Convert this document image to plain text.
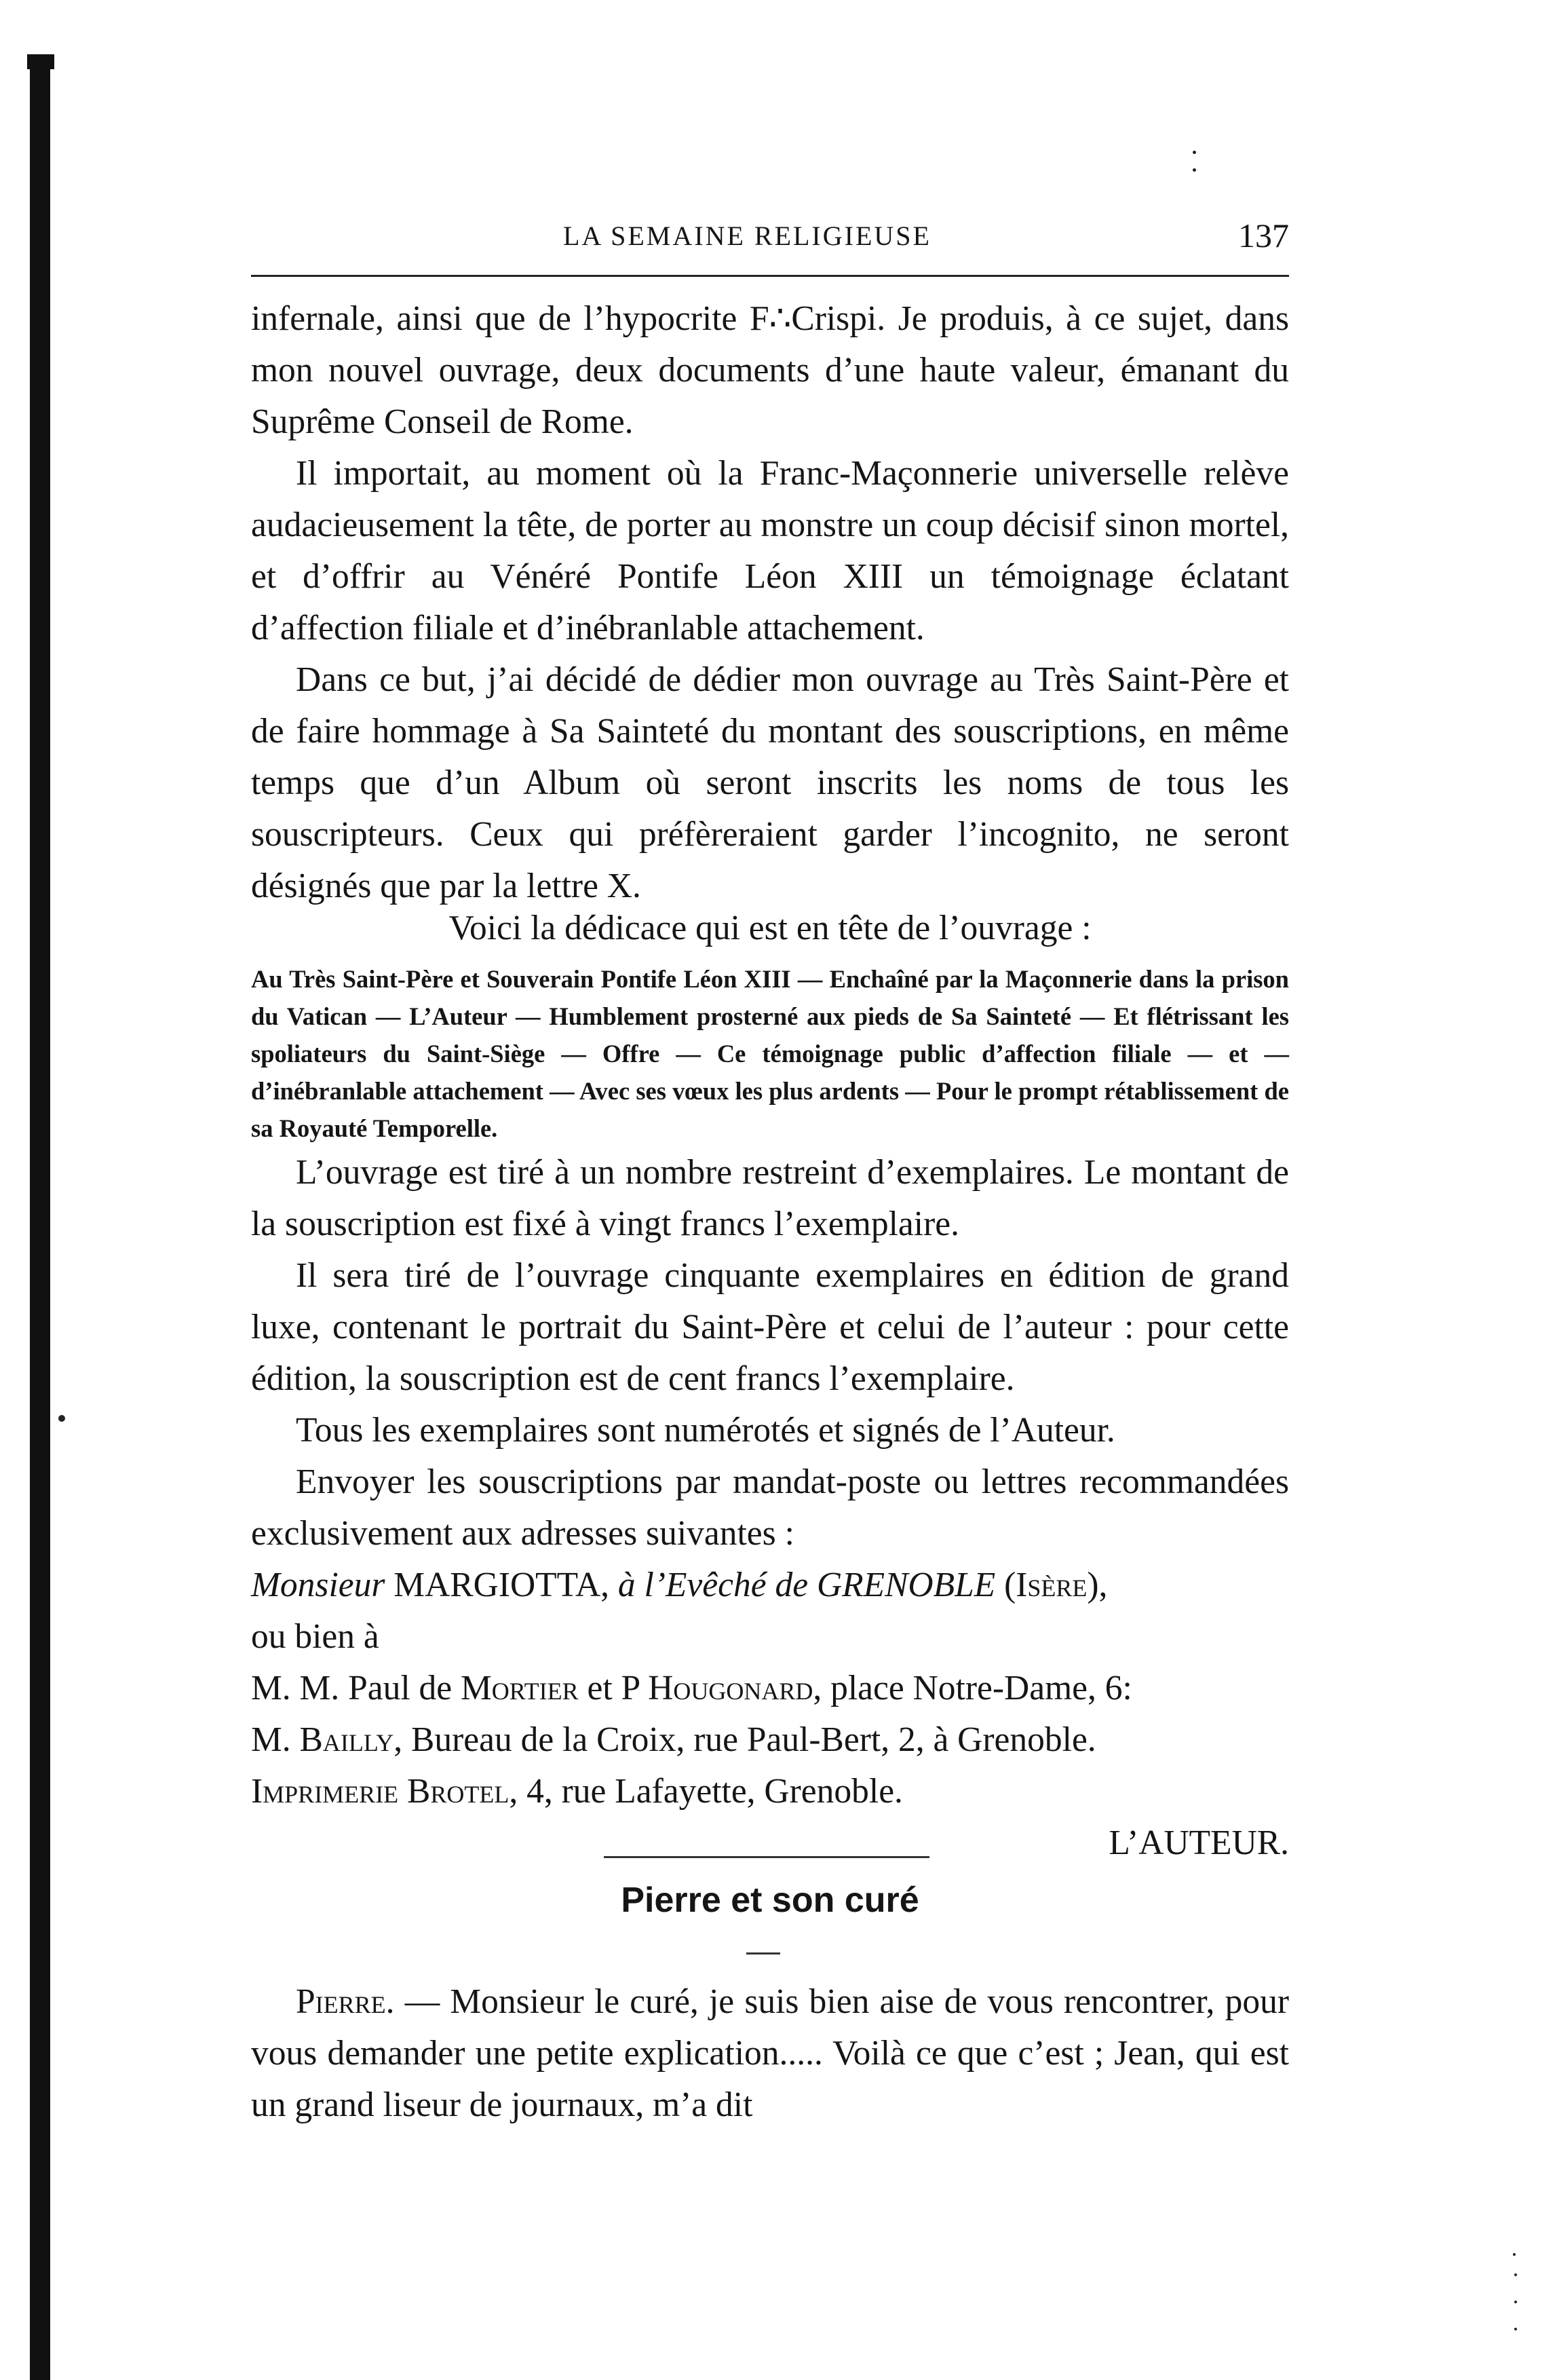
LA SEMAINE RELIGIEUSE	137

infernale, ainsi que de l’hypocrite F∴Crispi. Je produis, à ce sujet, dans mon nouvel ouvrage, deux documents d’une haute valeur, émanant du Suprême Conseil de Rome.

Il importait, au moment où la Franc-Maçonnerie universelle relève audacieusement la tête, de porter au monstre un coup décisif sinon mortel, et d’offrir au Vénéré Pontife Léon XIII un témoignage éclatant d’affection filiale et d’inébranlable attachement.

Dans ce but, j’ai décidé de dédier mon ouvrage au Très Saint-Père et de faire hommage à Sa Sainteté du montant des souscriptions, en même temps que d’un Album où seront inscrits les noms de tous les souscripteurs. Ceux qui préfèreraient garder l’incognito, ne seront désignés que par la lettre X.

Voici la dédicace qui est en tête de l’ouvrage :
Au Très Saint-Père et Souverain Pontife Léon XIII — Enchaîné par la Maçonnerie dans la prison du Vatican — L’Auteur — Humblement prosterné aux pieds de Sa Sainteté — Et flétrissant les spoliateurs du Saint-Siège — Offre — Ce témoignage public d’affection filiale — et — d’inébranlable attachement — Avec ses vœux les plus ardents — Pour le prompt rétablissement de sa Royauté Temporelle.

L’ouvrage est tiré à un nombre restreint d’exemplaires. Le montant de la souscription est fixé à vingt francs l’exemplaire.

Il sera tiré de l’ouvrage cinquante exemplaires en édition de grand luxe, contenant le portrait du Saint-Père et celui de l’auteur : pour cette édition, la souscription est de cent francs l’exemplaire.

Tous les exemplaires sont numérotés et signés de l’Auteur.

Envoyer les souscriptions par mandat-poste ou lettres recommandées exclusivement aux adresses suivantes :

Monsieur MARGIOTTA, à l’Evêché de GRENOBLE (Isère),

ou bien à

M. M. Paul de Mortier et P Hougonard, place Notre-Dame, 6:

M. Bailly, Bureau de la Croix, rue Paul-Bert, 2, à Grenoble.

Imprimerie Brotel, 4, rue Lafayette, Grenoble.

L’AUTEUR.

Pierre et son curé

Pierre. — Monsieur le curé, je suis bien aise de vous rencontrer, pour vous demander une petite explication..... Voilà ce que c’est ; Jean, qui est un grand liseur de journaux, m’a dit
